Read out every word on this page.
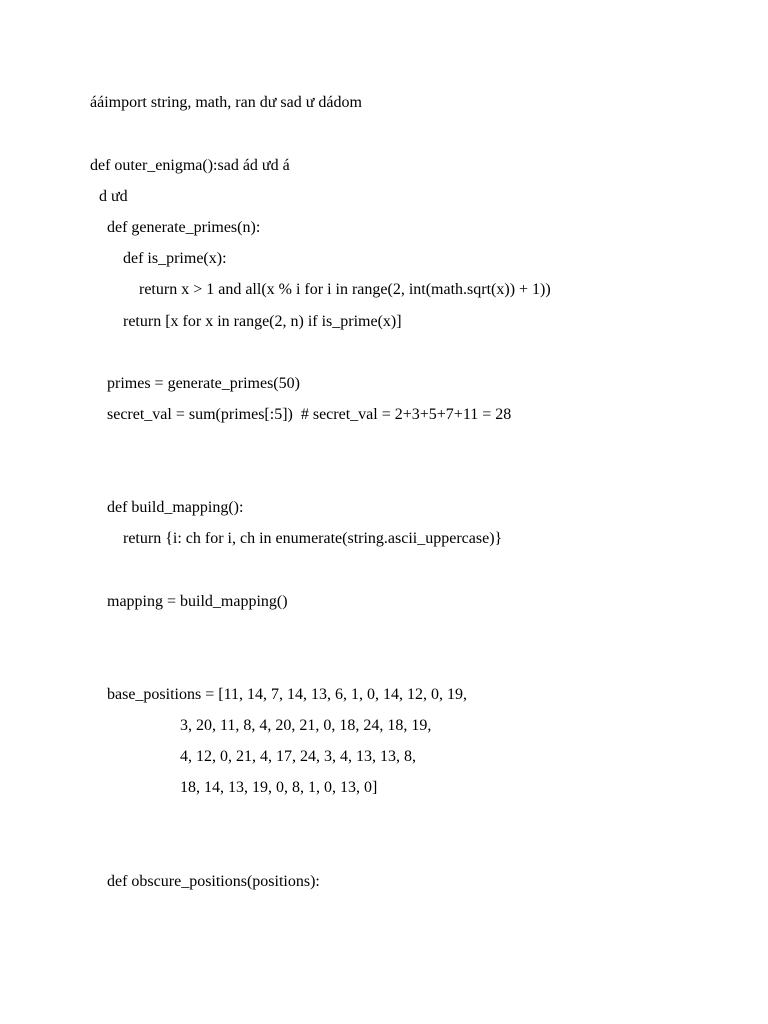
ááimport string, math, ran dư sad ư dádom
def outer_enigma():sad ád ưd á
d ưd
def generate_primes(n):
def is_prime(x):
return x > 1 and all(x % i for i in range(2, int(math.sqrt(x)) + 1))
return [x for x in range(2, n) if is_prime(x)]
primes = generate_primes(50)
secret_val = sum(primes[:5])  # secret_val = 2+3+5+7+11 = 28
def build_mapping():
return {i: ch for i, ch in enumerate(string.ascii_uppercase)}
mapping = build_mapping()
base_positions = [11, 14, 7, 14, 13, 6, 1, 0, 14, 12, 0, 19,
3, 20, 11, 8, 4, 20, 21, 0, 18, 24, 18, 19,
4, 12, 0, 21, 4, 17, 24, 3, 4, 13, 13, 8,
18, 14, 13, 19, 0, 8, 1, 0, 13, 0]
def obscure_positions(positions):
